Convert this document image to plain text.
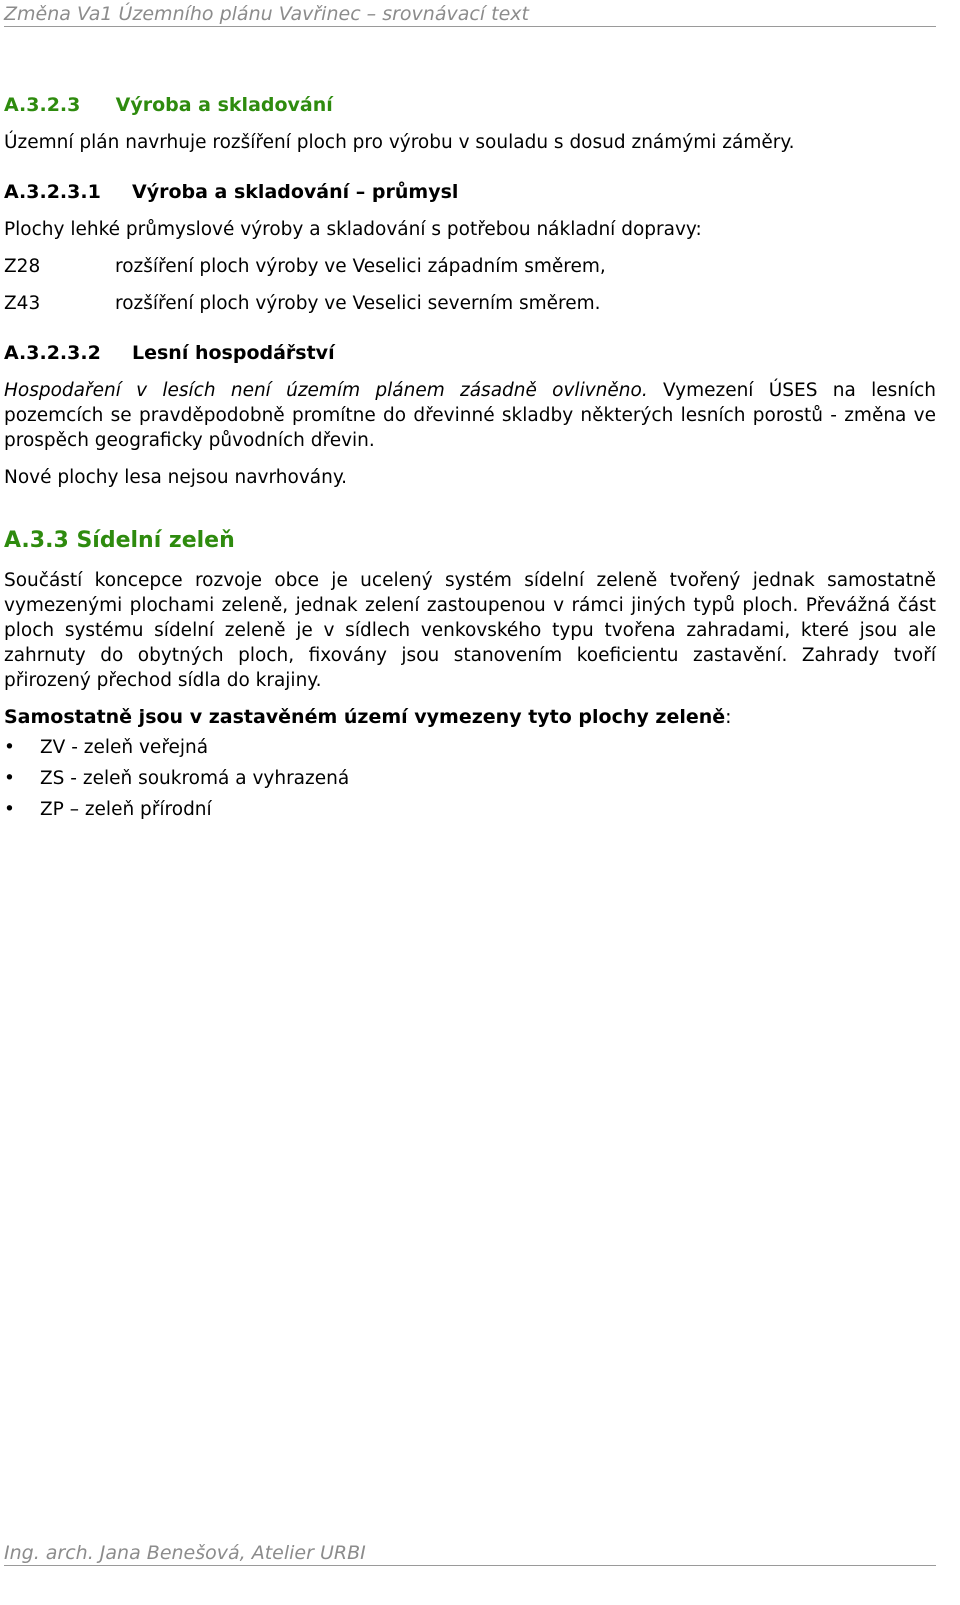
Změna Va1 Územního plánu Vavřinec – srovnávací text
A.3.2.3 Výroba a skladování
Územní plán navrhuje rozšíření ploch pro výrobu v souladu s dosud známými záměry.
A.3.2.3.1 Výroba a skladování – průmysl
Plochy lehké průmyslové výroby a skladování s potřebou nákladní dopravy:
Z28	rozšíření ploch výroby ve Veselici západním směrem,
Z43	rozšíření ploch výroby ve Veselici severním směrem.
A.3.2.3.2 Lesní hospodářství
Hospodaření v lesích není územím plánem zásadně ovlivněno. Vymezení ÚSES na lesních pozemcích se pravděpodobně promítne do dřevinné skladby některých lesních porostů - změna ve prospěch geograficky původních dřevin.
Nové plochy lesa nejsou navrhovány.
A.3.3 Sídelní zeleň
Součástí koncepce rozvoje obce je ucelený systém sídelní zeleně tvořený jednak samostatně vymezenými plochami zeleně, jednak zelení zastoupenou v rámci jiných typů ploch. Převážná část ploch systému sídelní zeleně je v sídlech venkovského typu tvořena zahradami, které jsou ale zahrnuty do obytných ploch, fixovány jsou stanovením koeficientu zastavění. Zahrady tvoří přirozený přechod sídla do krajiny.
Samostatně jsou v zastavěném území vymezeny tyto plochy zeleně:
• ZV - zeleň veřejná
• ZS - zeleň soukromá a vyhrazená
• ZP – zeleň přírodní
Ing. arch. Jana Benešová, Atelier URBI
